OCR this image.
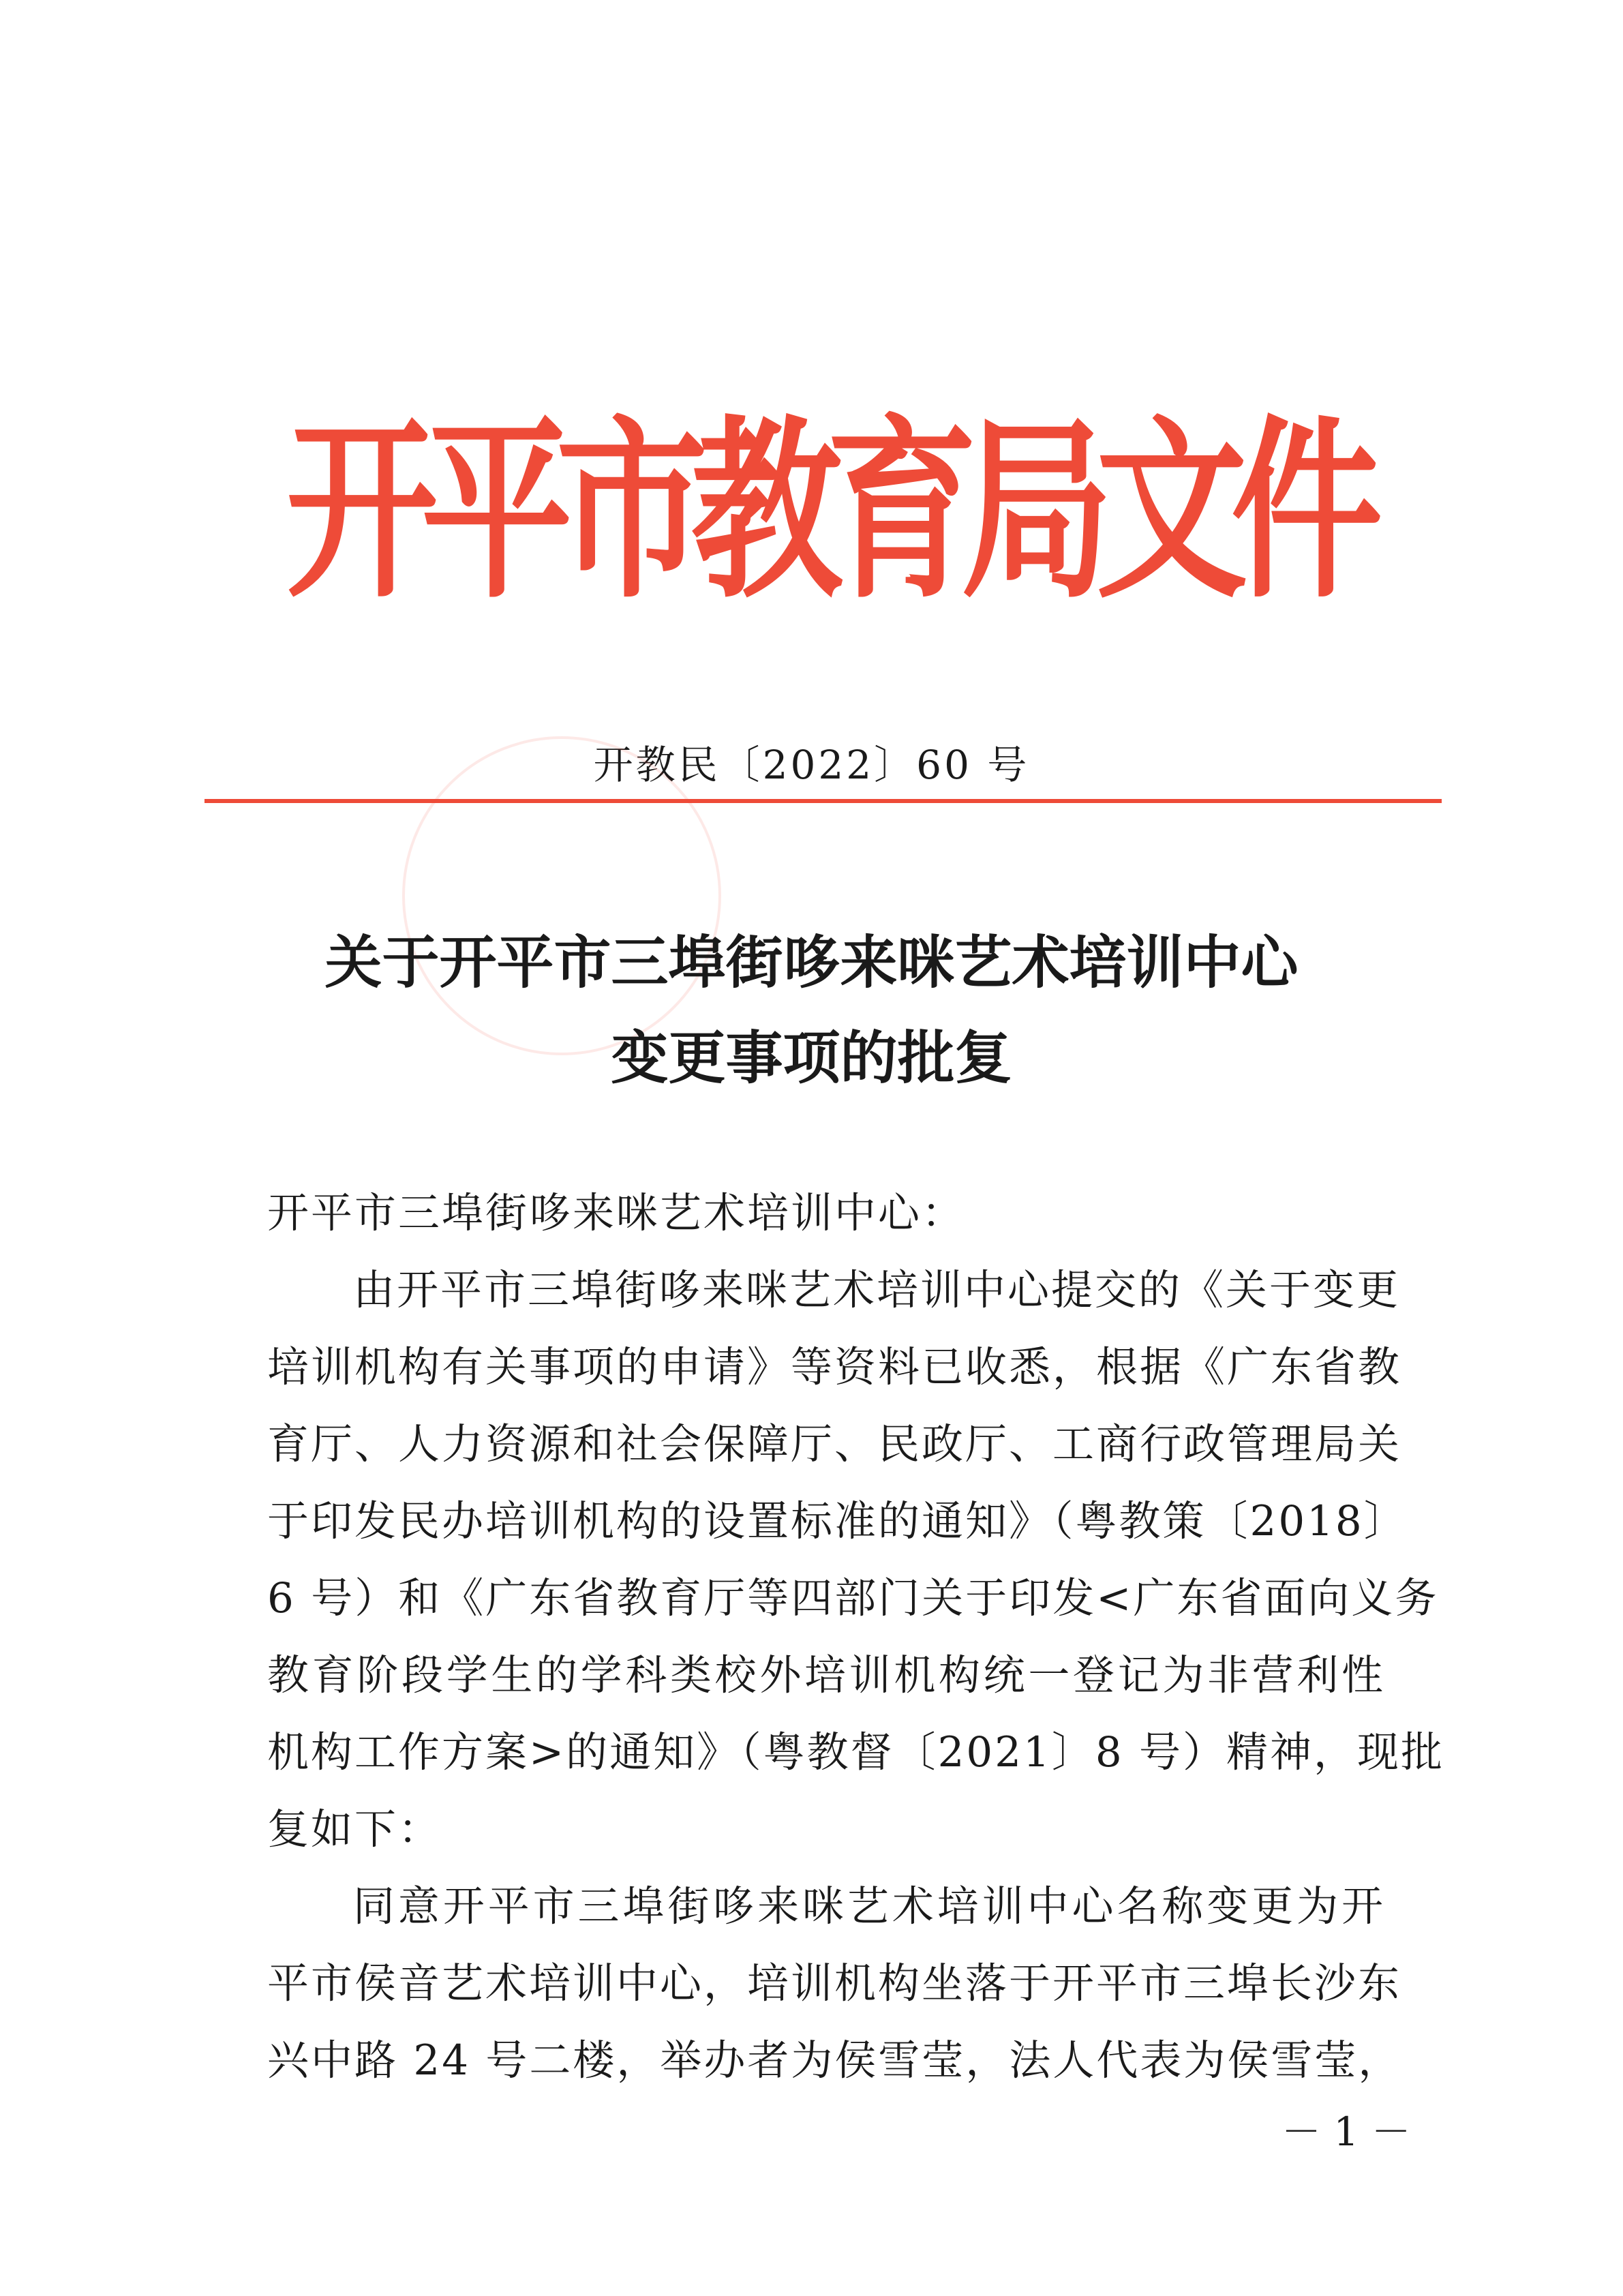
开平市教育局文件
开教民〔2022〕60 号
关于开平市三埠街哆来咪艺术培训中心
变更事项的批复
开平市三埠街哆来咪艺术培训中心：
由开平市三埠街哆来咪艺术培训中心提交的《关于变更
培训机构有关事项的申请》等资料已收悉，根据《广东省教
育厅、人力资源和社会保障厅、民政厅、工商行政管理局关
于印发民办培训机构的设置标准的通知》（粤教策〔2018〕
6 号）和《广东省教育厅等四部门关于印发<广东省面向义务
教育阶段学生的学科类校外培训机构统一登记为非营利性
机构工作方案>的通知》（粤教督〔2021〕8 号）精神，现批
复如下：
同意开平市三埠街哆来咪艺术培训中心名称变更为开
平市侯音艺术培训中心，培训机构坐落于开平市三埠长沙东
兴中路 24 号二楼，举办者为侯雪莹，法人代表为侯雪莹，
－ 1 －
